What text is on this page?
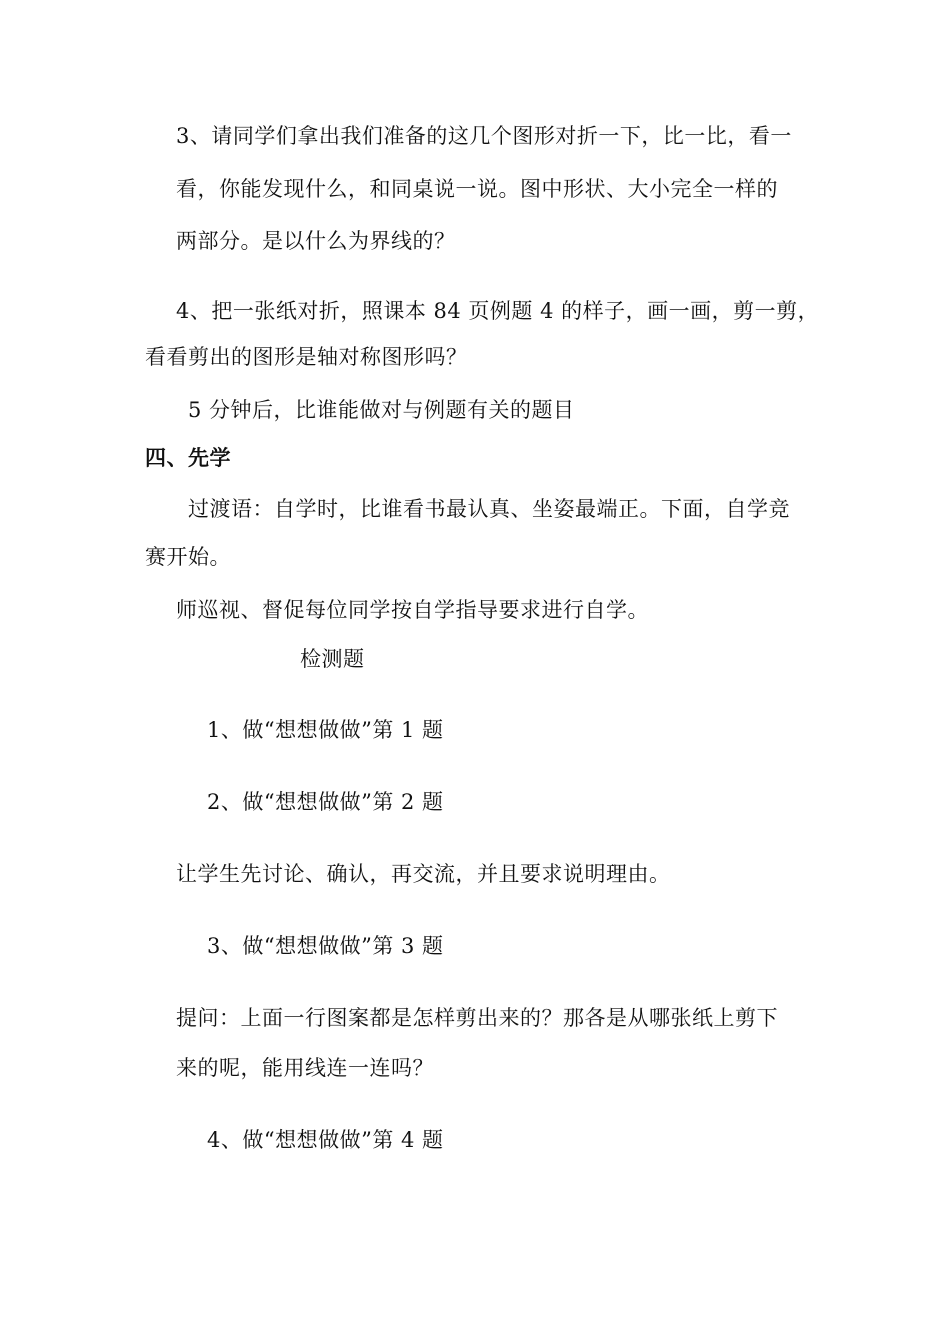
3、请同学们拿出我们准备的这几个图形对折一下，比一比，看一
看，你能发现什么，和同桌说一说。图中形状、大小完全一样的
两部分。是以什么为界线的？
4、把一张纸对折，照课本 84 页例题 4 的样子，画一画，剪一剪，
看看剪出的图形是轴对称图形吗？
5 分钟后，比谁能做对与例题有关的题目
四、先学
过渡语：自学时，比谁看书最认真、坐姿最端正。下面，自学竞
赛开始。
师巡视、督促每位同学按自学指导要求进行自学。
检测题
1、做“想想做做”第 1 题
2、做“想想做做”第 2 题
让学生先讨论、确认，再交流，并且要求说明理由。
3、做“想想做做”第 3 题
提问：上面一行图案都是怎样剪出来的？那各是从哪张纸上剪下
来的呢，能用线连一连吗？
4、做“想想做做”第 4 题
